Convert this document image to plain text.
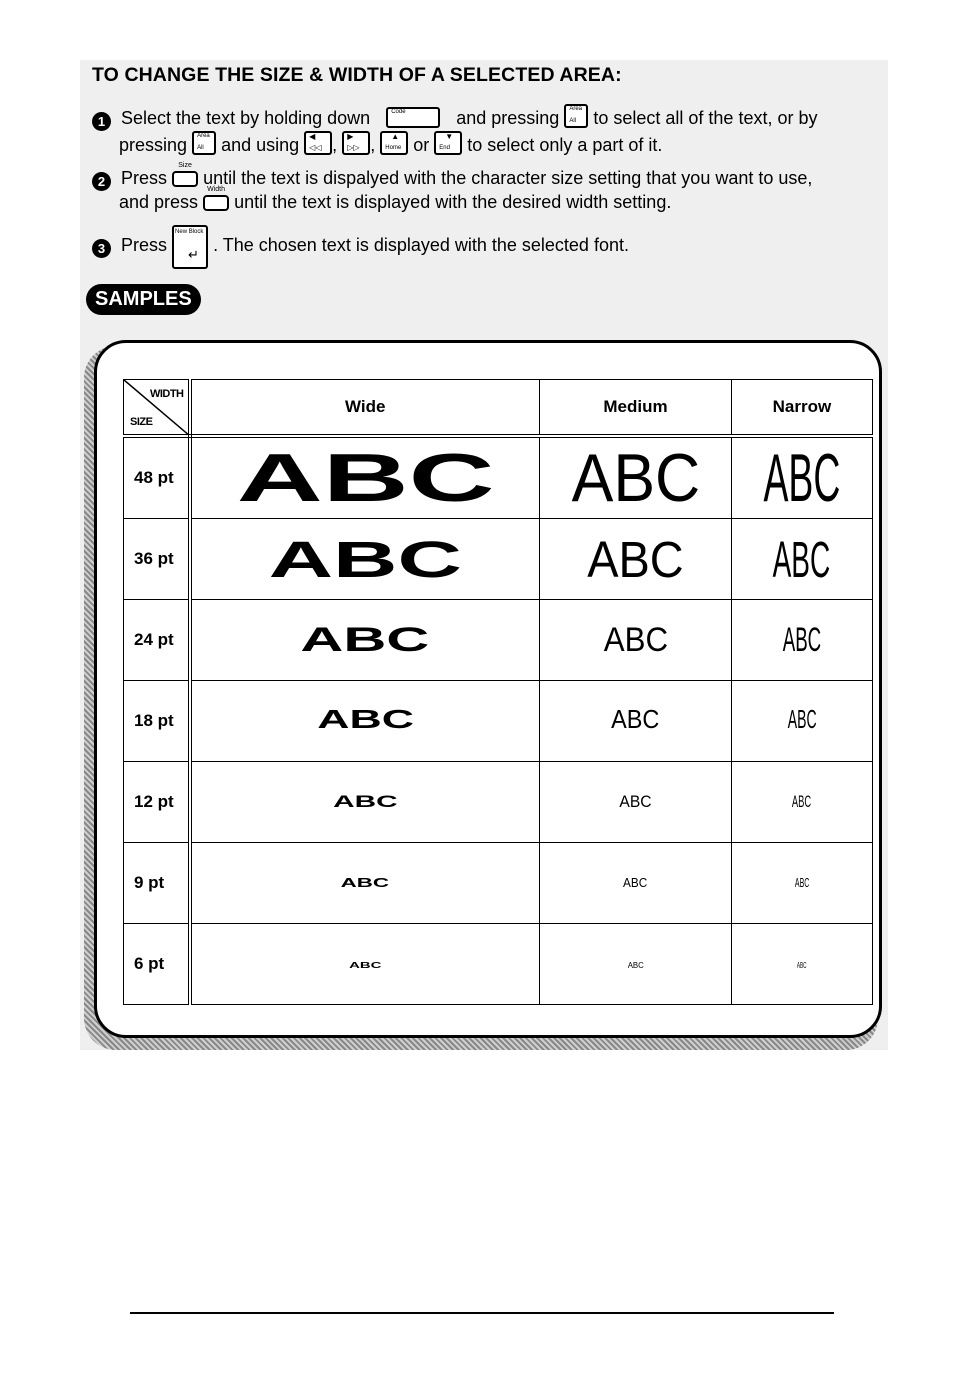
TO CHANGE THE SIZE & WIDTH OF A SELECTED AREA:
1 Select the text by holding down	Code	and pressing Area
All to select all of the text, or by
pressing Area
All and using ◀
◁◁ , ▶
▷▷ , ▲
Home or ▼
End to select only a part of it.
2 Press
Size
until the text is dispalyed with the character size setting that you want to use,
and press
Width
until the text is displayed with the desired width setting.
3 Press
New Block
↵ . The chosen text is displayed with the selected font.
SAMPLES
WIDTH
SIZE	Wide	Medium	Narrow
48 pt	ABC	ABC	ABC
36 pt	ABC	ABC	ABC
24 pt	ABC	ABC	ABC
18 pt	ABC	ABC	ABC
12 pt	ABC	ABC	ABC
9 pt	ABC	ABC	ABC
6 pt	ABC	ABC	ABC
